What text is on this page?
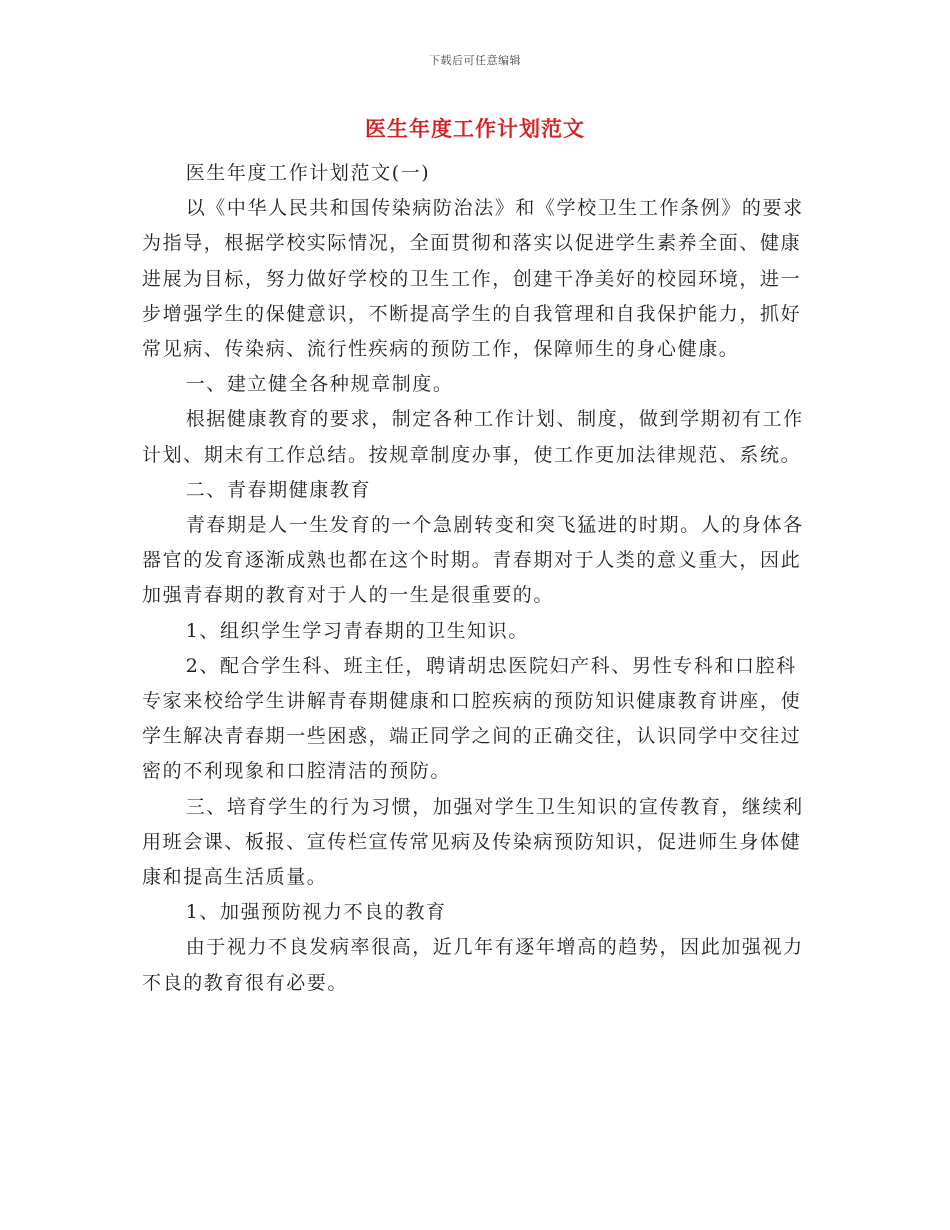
下载后可任意编辑
医生年度工作计划范文

医生年度工作计划范文(一)

以《中华人民共和国传染病防治法》和《学校卫生工作条例》的要求为指导，根据学校实际情况，全面贯彻和落实以促进学生素养全面、健康进展为目标，努力做好学校的卫生工作，创建干净美好的校园环境，进一步增强学生的保健意识，不断提高学生的自我管理和自我保护能力，抓好常见病、传染病、流行性疾病的预防工作，保障师生的身心健康。

一、建立健全各种规章制度。

根据健康教育的要求，制定各种工作计划、制度，做到学期初有工作计划、期末有工作总结。按规章制度办事，使工作更加法律规范、系统。

二、青春期健康教育

青春期是人一生发育的一个急剧转变和突飞猛进的时期。人的身体各器官的发育逐渐成熟也都在这个时期。青春期对于人类的意义重大，因此加强青春期的教育对于人的一生是很重要的。

1、组织学生学习青春期的卫生知识。

2、配合学生科、班主任，聘请胡忠医院妇产科、男性专科和口腔科专家来校给学生讲解青春期健康和口腔疾病的预防知识健康教育讲座，使学生解决青春期一些困惑，端正同学之间的正确交往，认识同学中交往过密的不利现象和口腔清洁的预防。

三、培育学生的行为习惯，加强对学生卫生知识的宣传教育，继续利用班会课、板报、宣传栏宣传常见病及传染病预防知识，促进师生身体健康和提高生活质量。

1、加强预防视力不良的教育

由于视力不良发病率很高，近几年有逐年增高的趋势，因此加强视力不良的教育很有必要。
